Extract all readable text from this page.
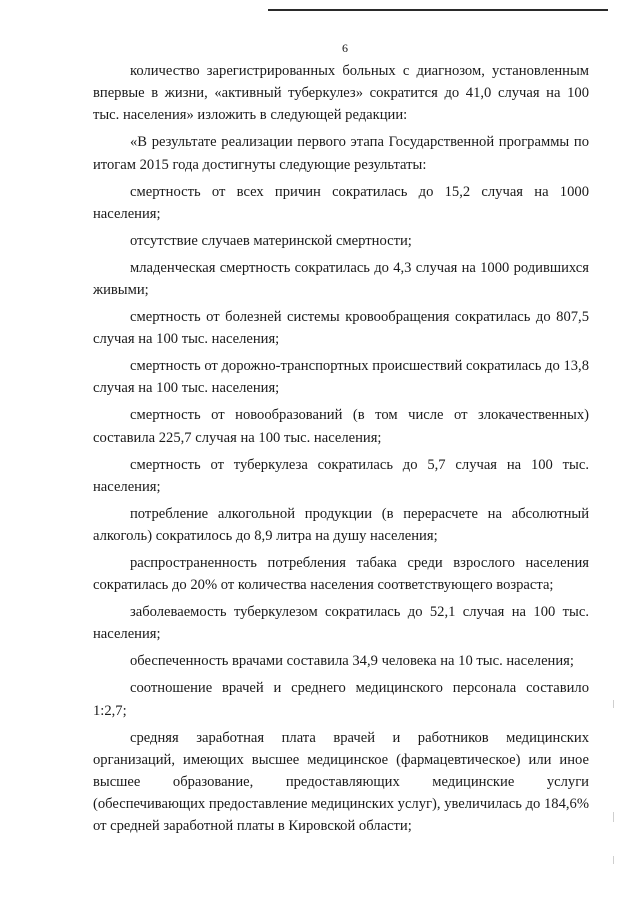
6

количество зарегистрированных больных с диагнозом, установленным впервые в жизни, «активный туберкулез» сократится до 41,0 случая на 100 тыс. населения» изложить в следующей редакции:

«В результате реализации первого этапа Государственной программы по итогам 2015 года достигнуты следующие результаты:

смертность от всех причин сократилась до 15,2 случая на 1000 населения;

отсутствие случаев материнской смертности;

младенческая смертность сократилась до 4,3 случая на 1000 родившихся живыми;

смертность от болезней системы кровообращения сократилась до 807,5 случая на 100 тыс. населения;

смертность от дорожно-транспортных происшествий сократилась до 13,8 случая на 100 тыс. населения;

смертность от новообразований (в том числе от злокачественных) составила 225,7 случая на 100 тыс. населения;

смертность от туберкулеза сократилась до 5,7 случая на 100 тыс. населения;

потребление алкогольной продукции (в перерасчете на абсолютный алкоголь) сократилось до 8,9 литра на душу населения;

распространенность потребления табака среди взрослого населения сократилась до 20% от количества населения соответствующего возраста;

заболеваемость туберкулезом сократилась до 52,1 случая на 100 тыс. населения;

обеспеченность врачами составила 34,9 человека на 10 тыс. населения;

соотношение врачей и среднего медицинского персонала составило 1:2,7;

средняя заработная плата врачей и работников медицинских организаций, имеющих высшее медицинское (фармацевтическое) или иное высшее образование, предоставляющих медицинские услуги (обеспечивающих предоставление медицинских услуг), увеличилась до 184,6% от средней заработной платы в Кировской области;
